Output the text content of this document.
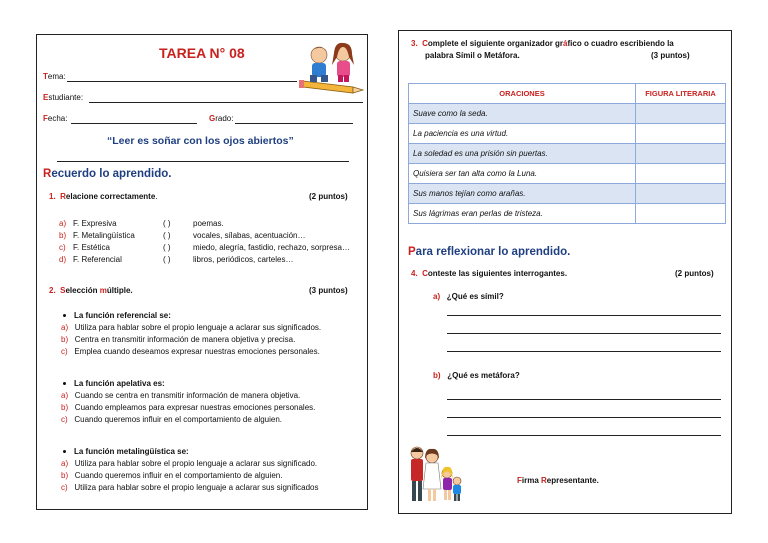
TAREA N° 08
Tema:
Estudiante:
Fecha:	Grado:
“Leer es soñar con los ojos abiertos”
Recuerdo lo aprendido.
1. Relacione correctamente.	(2 puntos)
a) F. Expresiva	( )	poemas.
b) F. Metalingüística	( )	vocales, sílabas, acentuación…
c) F. Estética	( )	miedo, alegría, fastidio, rechazo, sorpresa…
d) F. Referencial	( )	libros, periódicos, carteles…
2. Selección múltiple.	(3 puntos)
La función referencial se:
a) Utiliza para hablar sobre el propio lenguaje a aclarar sus significados.
b) Centra en transmitir información de manera objetiva y precisa.
c) Emplea cuando deseamos expresar nuestras emociones personales.
La función apelativa es:
a) Cuando se centra en transmitir información de manera objetiva.
b) Cuando empleamos para expresar nuestras emociones personales.
c) Cuando queremos influir en el comportamiento de alguien.
La función metalingüística se:
a) Utiliza para hablar sobre el propio lenguaje a aclarar sus significado.
b) Cuando queremos influir en el comportamiento de alguien.
c) Utiliza para hablar sobre el propio lenguaje a aclarar sus significados
3. Complete el siguiente organizador gráfico o cuadro escribiendo la
palabra Símil o Metáfora.	(3 puntos)
ORACIONES	FIGURA LITERARIA
Suave como la seda.	
La paciencia es una virtud.	
La soledad es una prisión sin puertas.	
Quisiera ser tan alta como la Luna.	
Sus manos tejían como arañas.	
Sus lágrimas eran perlas de tristeza.	
Para reflexionar lo aprendido.
4. Conteste las siguientes interrogantes.	(2 puntos)
a) ¿Qué es símil?
b) ¿Qué es metáfora?
Firma Representante.
